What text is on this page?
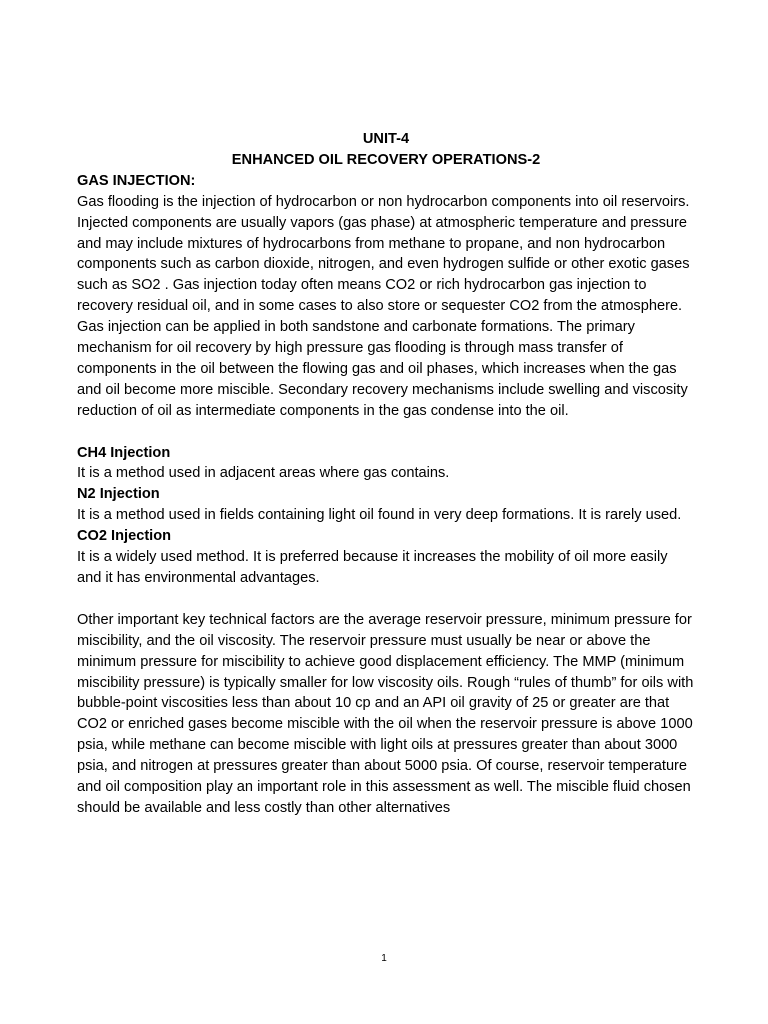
UNIT-4

ENHANCED OIL RECOVERY OPERATIONS-2

GAS INJECTION:

Gas flooding is the injection of hydrocarbon or non hydrocarbon components into oil reservoirs. Injected components are usually vapors (gas phase) at atmospheric temperature and pressure and may include mixtures of hydrocarbons from methane to propane, and non hydrocarbon components such as carbon dioxide, nitrogen, and even hydrogen sulfide or other exotic gases such as SO2 . Gas injection today often means CO2 or rich hydrocarbon gas injection to recovery residual oil, and in some cases to also store or sequester CO2 from the atmosphere. Gas injection can be applied in both sandstone and carbonate formations. The primary mechanism for oil recovery by high pressure gas flooding is through mass transfer of components in the oil between the flowing gas and oil phases, which increases when the gas and oil become more miscible. Secondary recovery mechanisms include swelling and viscosity reduction of oil as intermediate components in the gas condense into the oil.

CH4 Injection

It is a method used in adjacent areas where gas contains.

N2 Injection

It is a method used in fields containing light oil found in very deep formations. It is rarely used.

CO2 Injection

It is a widely used method. It is preferred because it increases the mobility of oil more easily and it has environmental advantages.

Other important key technical factors are the average reservoir pressure, minimum pressure for miscibility, and the oil viscosity. The reservoir pressure must usually be near or above the minimum pressure for miscibility to achieve good displacement efficiency. The MMP (minimum miscibility pressure) is typically smaller for low viscosity oils. Rough “rules of thumb” for oils with bubble-point viscosities less than about 10 cp and an API oil gravity of 25 or greater are that CO2 or enriched gases become miscible with the oil when the reservoir pressure is above 1000 psia, while methane can become miscible with light oils at pressures greater than about 3000 psia, and nitrogen at pressures greater than about 5000 psia. Of course, reservoir temperature and oil composition play an important role in this assessment as well. The miscible fluid chosen should be available and less costly than other alternatives

1
